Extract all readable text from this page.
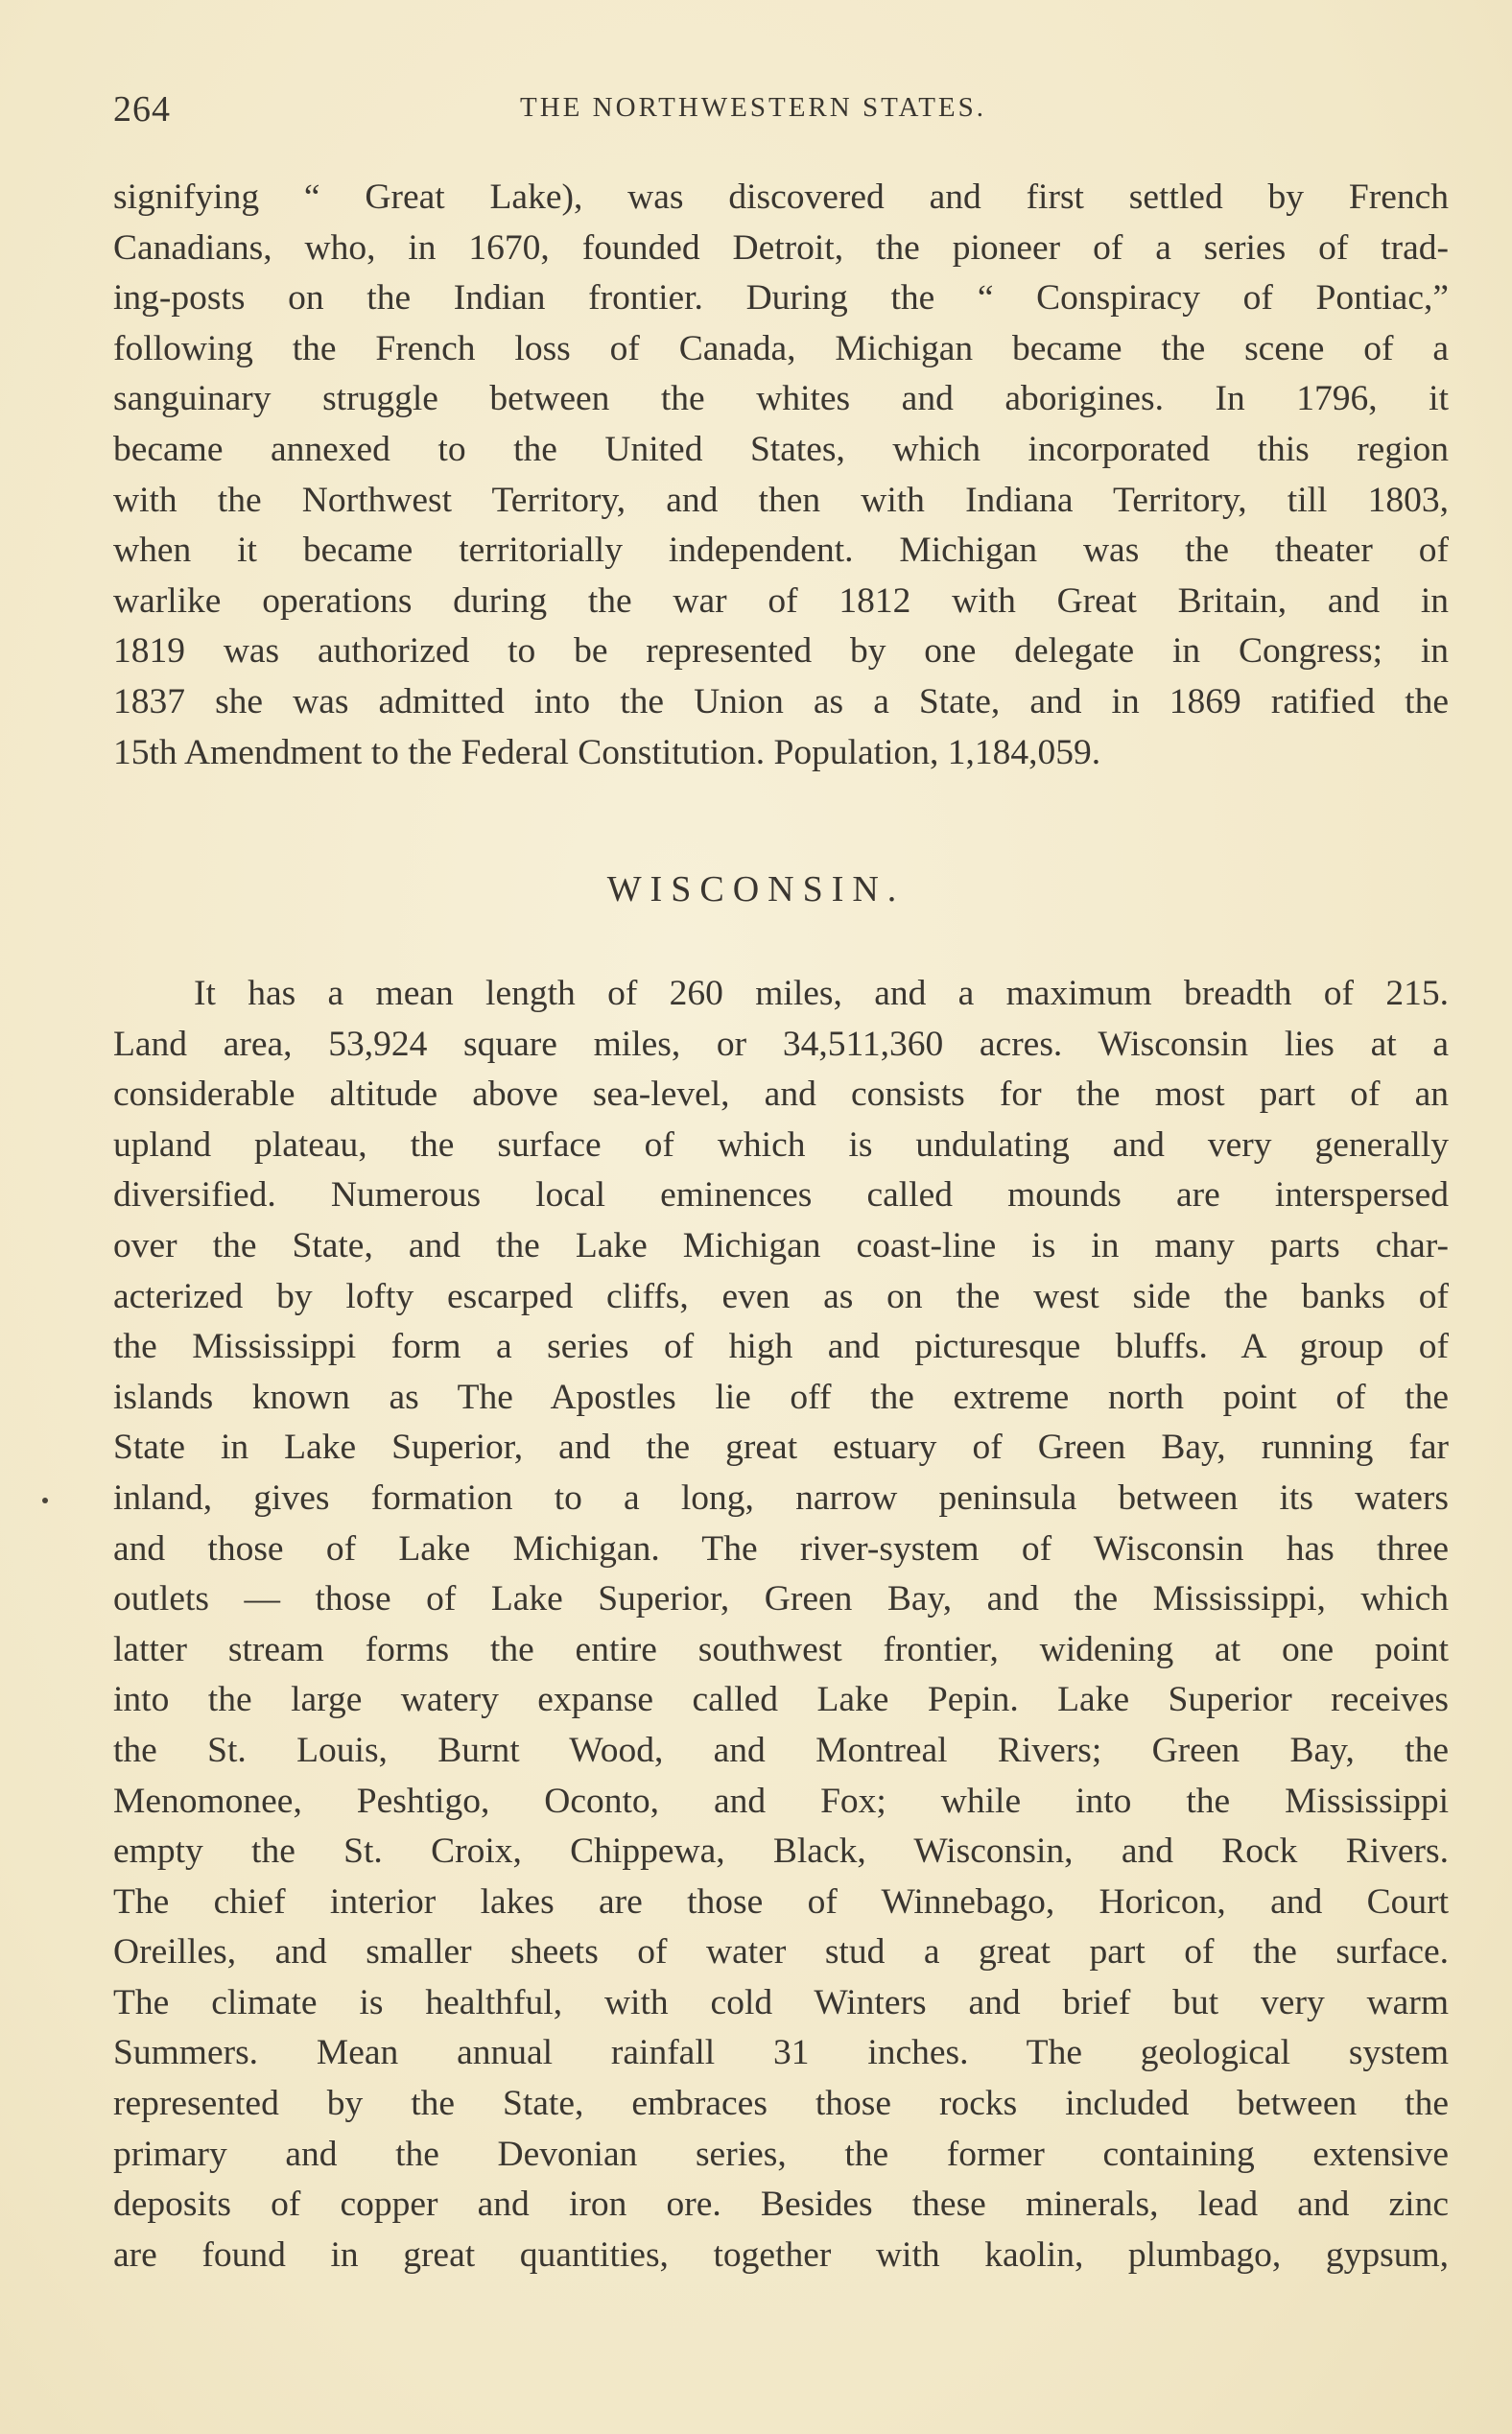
264	THE NORTHWESTERN STATES.
signifying “ Great Lake), was discovered and first settled by French
Canadians, who, in 1670, founded Detroit, the pioneer of a series of trad-
ing-posts on the Indian frontier. During the “ Conspiracy of Pontiac,”
following the French loss of Canada, Michigan became the scene of a
sanguinary struggle between the whites and aborigines. In 1796, it
became annexed to the United States, which incorporated this region
with the Northwest Territory, and then with Indiana Territory, till 1803,
when it became territorially independent. Michigan was the theater of
warlike operations during the war of 1812 with Great Britain, and in
1819 was authorized to be represented by one delegate in Congress; in
1837 she was admitted into the Union as a State, and in 1869 ratified the
15th Amendment to the Federal Constitution. Population, 1,184,059.
WISCONSIN.
It has a mean length of 260 miles, and a maximum breadth of 215.
Land area, 53,924 square miles, or 34,511,360 acres. Wisconsin lies at a
considerable altitude above sea-level, and consists for the most part of an
upland plateau, the surface of which is undulating and very generally
diversified. Numerous local eminences called mounds are interspersed
over the State, and the Lake Michigan coast-line is in many parts char-
acterized by lofty escarped cliffs, even as on the west side the banks of
the Mississippi form a series of high and picturesque bluffs. A group of
islands known as The Apostles lie off the extreme north point of the
State in Lake Superior, and the great estuary of Green Bay, running far
inland, gives formation to a long, narrow peninsula between its waters
and those of Lake Michigan. The river-system of Wisconsin has three
outlets — those of Lake Superior, Green Bay, and the Mississippi, which
latter stream forms the entire southwest frontier, widening at one point
into the large watery expanse called Lake Pepin. Lake Superior receives
the St. Louis, Burnt Wood, and Montreal Rivers; Green Bay, the
Menomonee, Peshtigo, Oconto, and Fox; while into the Mississippi
empty the St. Croix, Chippewa, Black, Wisconsin, and Rock Rivers.
The chief interior lakes are those of Winnebago, Horicon, and Court
Oreilles, and smaller sheets of water stud a great part of the surface.
The climate is healthful, with cold Winters and brief but very warm
Summers. Mean annual rainfall 31 inches. The geological system
represented by the State, embraces those rocks included between the
primary and the Devonian series, the former containing extensive
deposits of copper and iron ore. Besides these minerals, lead and zinc
are found in great quantities, together with kaolin, plumbago, gypsum,
